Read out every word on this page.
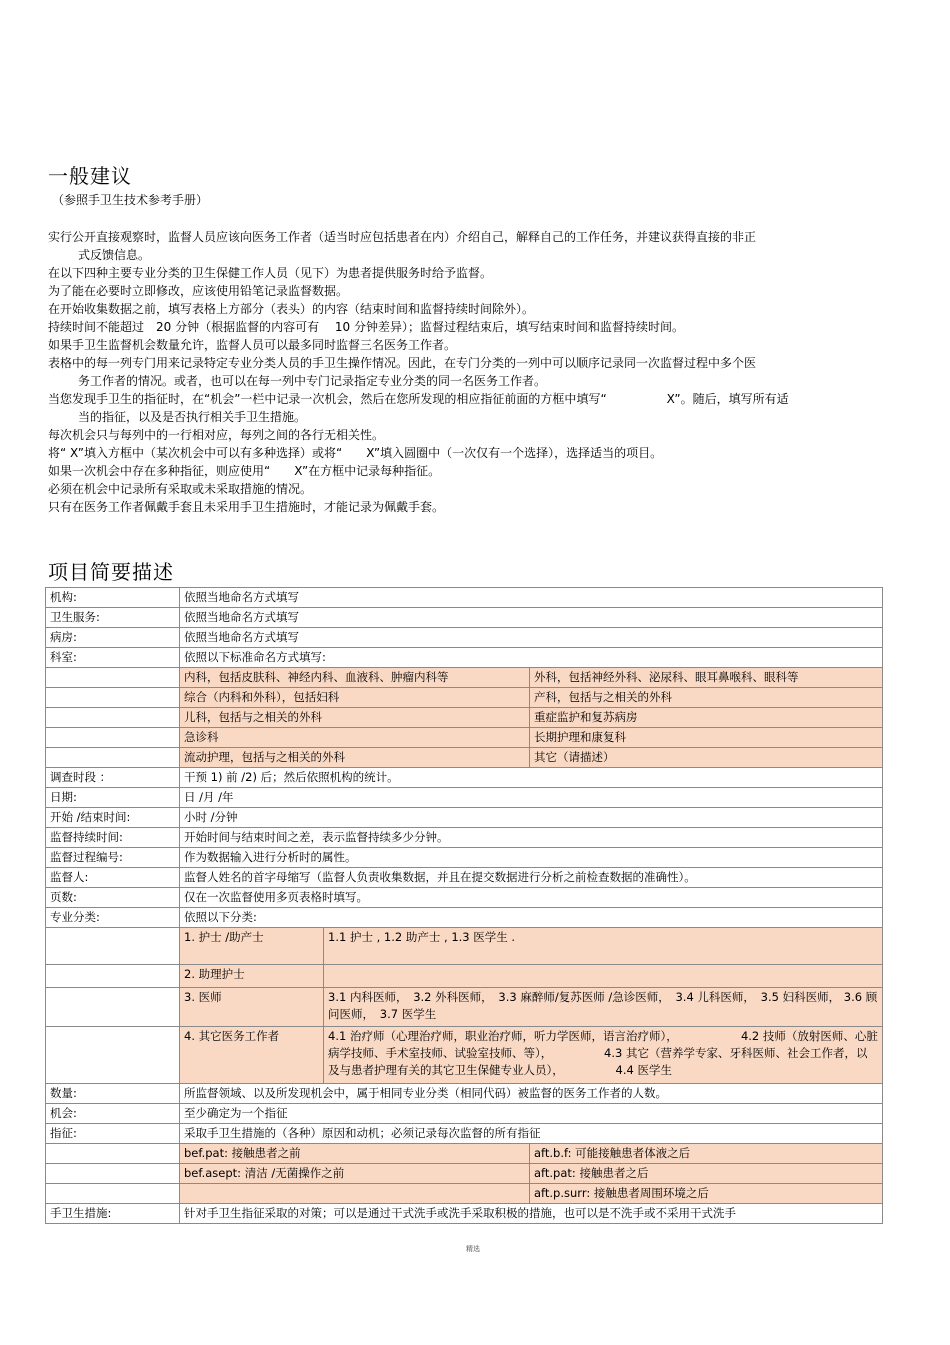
一般建议
（参照手卫生技术参考手册）
实行公开直接观察时，监督人员应该向医务工作者（适当时应包括患者在内）介绍自己，解释自己的工作任务，并建议获得直接的非正
式反馈信息。
在以下四种主要专业分类的卫生保健工作人员（见下）为患者提供服务时给予监督。
为了能在必要时立即修改，应该使用铅笔记录监督数据。
在开始收集数据之前，填写表格上方部分（表头）的内容（结束时间和监督持续时间除外）。
持续时间不能超过　20 分钟（根据监督的内容可有　 10 分钟差异）；监督过程结束后，填写结束时间和监督持续时间。
如果手卫生监督机会数量允许，监督人员可以最多同时监督三名医务工作者。
表格中的每一列专门用来记录特定专业分类人员的手卫生操作情况。因此，在专门分类的一列中可以顺序记录同一次监督过程中多个医
务工作者的情况。或者，也可以在每一列中专门记录指定专业分类的同一名医务工作者。
当您发现手卫生的指征时，在“机会”一栏中记录一次机会，然后在您所发现的相应指征前面的方框中填写“　　　　　X”。随后，填写所有适
当的指征，以及是否执行相关手卫生措施。
每次机会只与每列中的一行相对应，每列之间的各行无相关性。
将“ X”填入方框中（某次机会中可以有多种选择）或将“　　X”填入圆圈中（一次仅有一个选择），选择适当的项目。
如果一次机会中存在多种指征，则应使用“　　X”在方框中记录每种指征。
必须在机会中记录所有采取或未采取措施的情况。
只有在医务工作者佩戴手套且未采用手卫生措施时，才能记录为佩戴手套。
项目简要描述
机构:	依照当地命名方式填写		
卫生服务:	依照当地命名方式填写		
病房:	依照当地命名方式填写		
科室:	依照以下标准命名方式填写:		
	内科，包括皮肤科、神经内科、血液科、肿瘤内科等		外科，包括神经外科、泌尿科、眼耳鼻喉科、眼科等
	综合（内科和外科），包括妇科		产科，包括与之相关的外科
	儿科，包括与之相关的外科		重症监护和复苏病房
	急诊科		长期护理和康复科
	流动护理，包括与之相关的外科		其它（请描述）
调查时段 ：	干预 1) 前 /2) 后；然后依照机构的统计。		
日期:	日 /月 /年		
开始 /结束时间:	小时 /分钟		
监督持续时间:	开始时间与结束时间之差，表示监督持续多少分钟。		
监督过程编号:	作为数据输入进行分析时的属性。		
监督人:	监督人姓名的首字母缩写（监督人负责收集数据，并且在提交数据进行分析之前检查数据的准确性）。		
页数:	仅在一次监督使用多页表格时填写。		
专业分类:	依照以下分类:		
	1. 护士 /助产士	1.1 护士 , 1.2 助产士 , 1.3 医学生 .	
	2. 助理护士		
	3. 医师	3.1 内科医师，　3.2 外科医师，　3.3 麻醉师/复苏医师 /急诊医师，　3.4 儿科医师，　3.5 妇科医师， 3.6 顾问医师，　3.7 医学生	
	4. 其它医务工作者	4.1 治疗师（心理治疗师，职业治疗师，听力学医师，语言治疗师），　　　　　　4.2 技师（放射医师、心脏病学技师、手术室技师、试验室技师、等），　　　　　4.3 其它（营养学专家、牙科医师、社会工作者，以及与患者护理有关的其它卫生保健专业人员），　　　　　4.4 医学生	
数量:	所监督领域、以及所发现机会中，属于相同专业分类（相同代码）被监督的医务工作者的人数。		
机会:	至少确定为一个指征		
指征:	采取手卫生措施的（各种）原因和动机；必须记录每次监督的所有指征		
	bef.pat: 接触患者之前		aft.b.f: 可能接触患者体液之后
	bef.asept: 清洁 /无菌操作之前		aft.pat: 接触患者之后
			aft.p.surr: 接触患者周围环境之后
手卫生措施:	针对手卫生指征采取的对策；可以是通过干式洗手或洗手采取积极的措施，也可以是不洗手或不采用干式洗手		
精选
